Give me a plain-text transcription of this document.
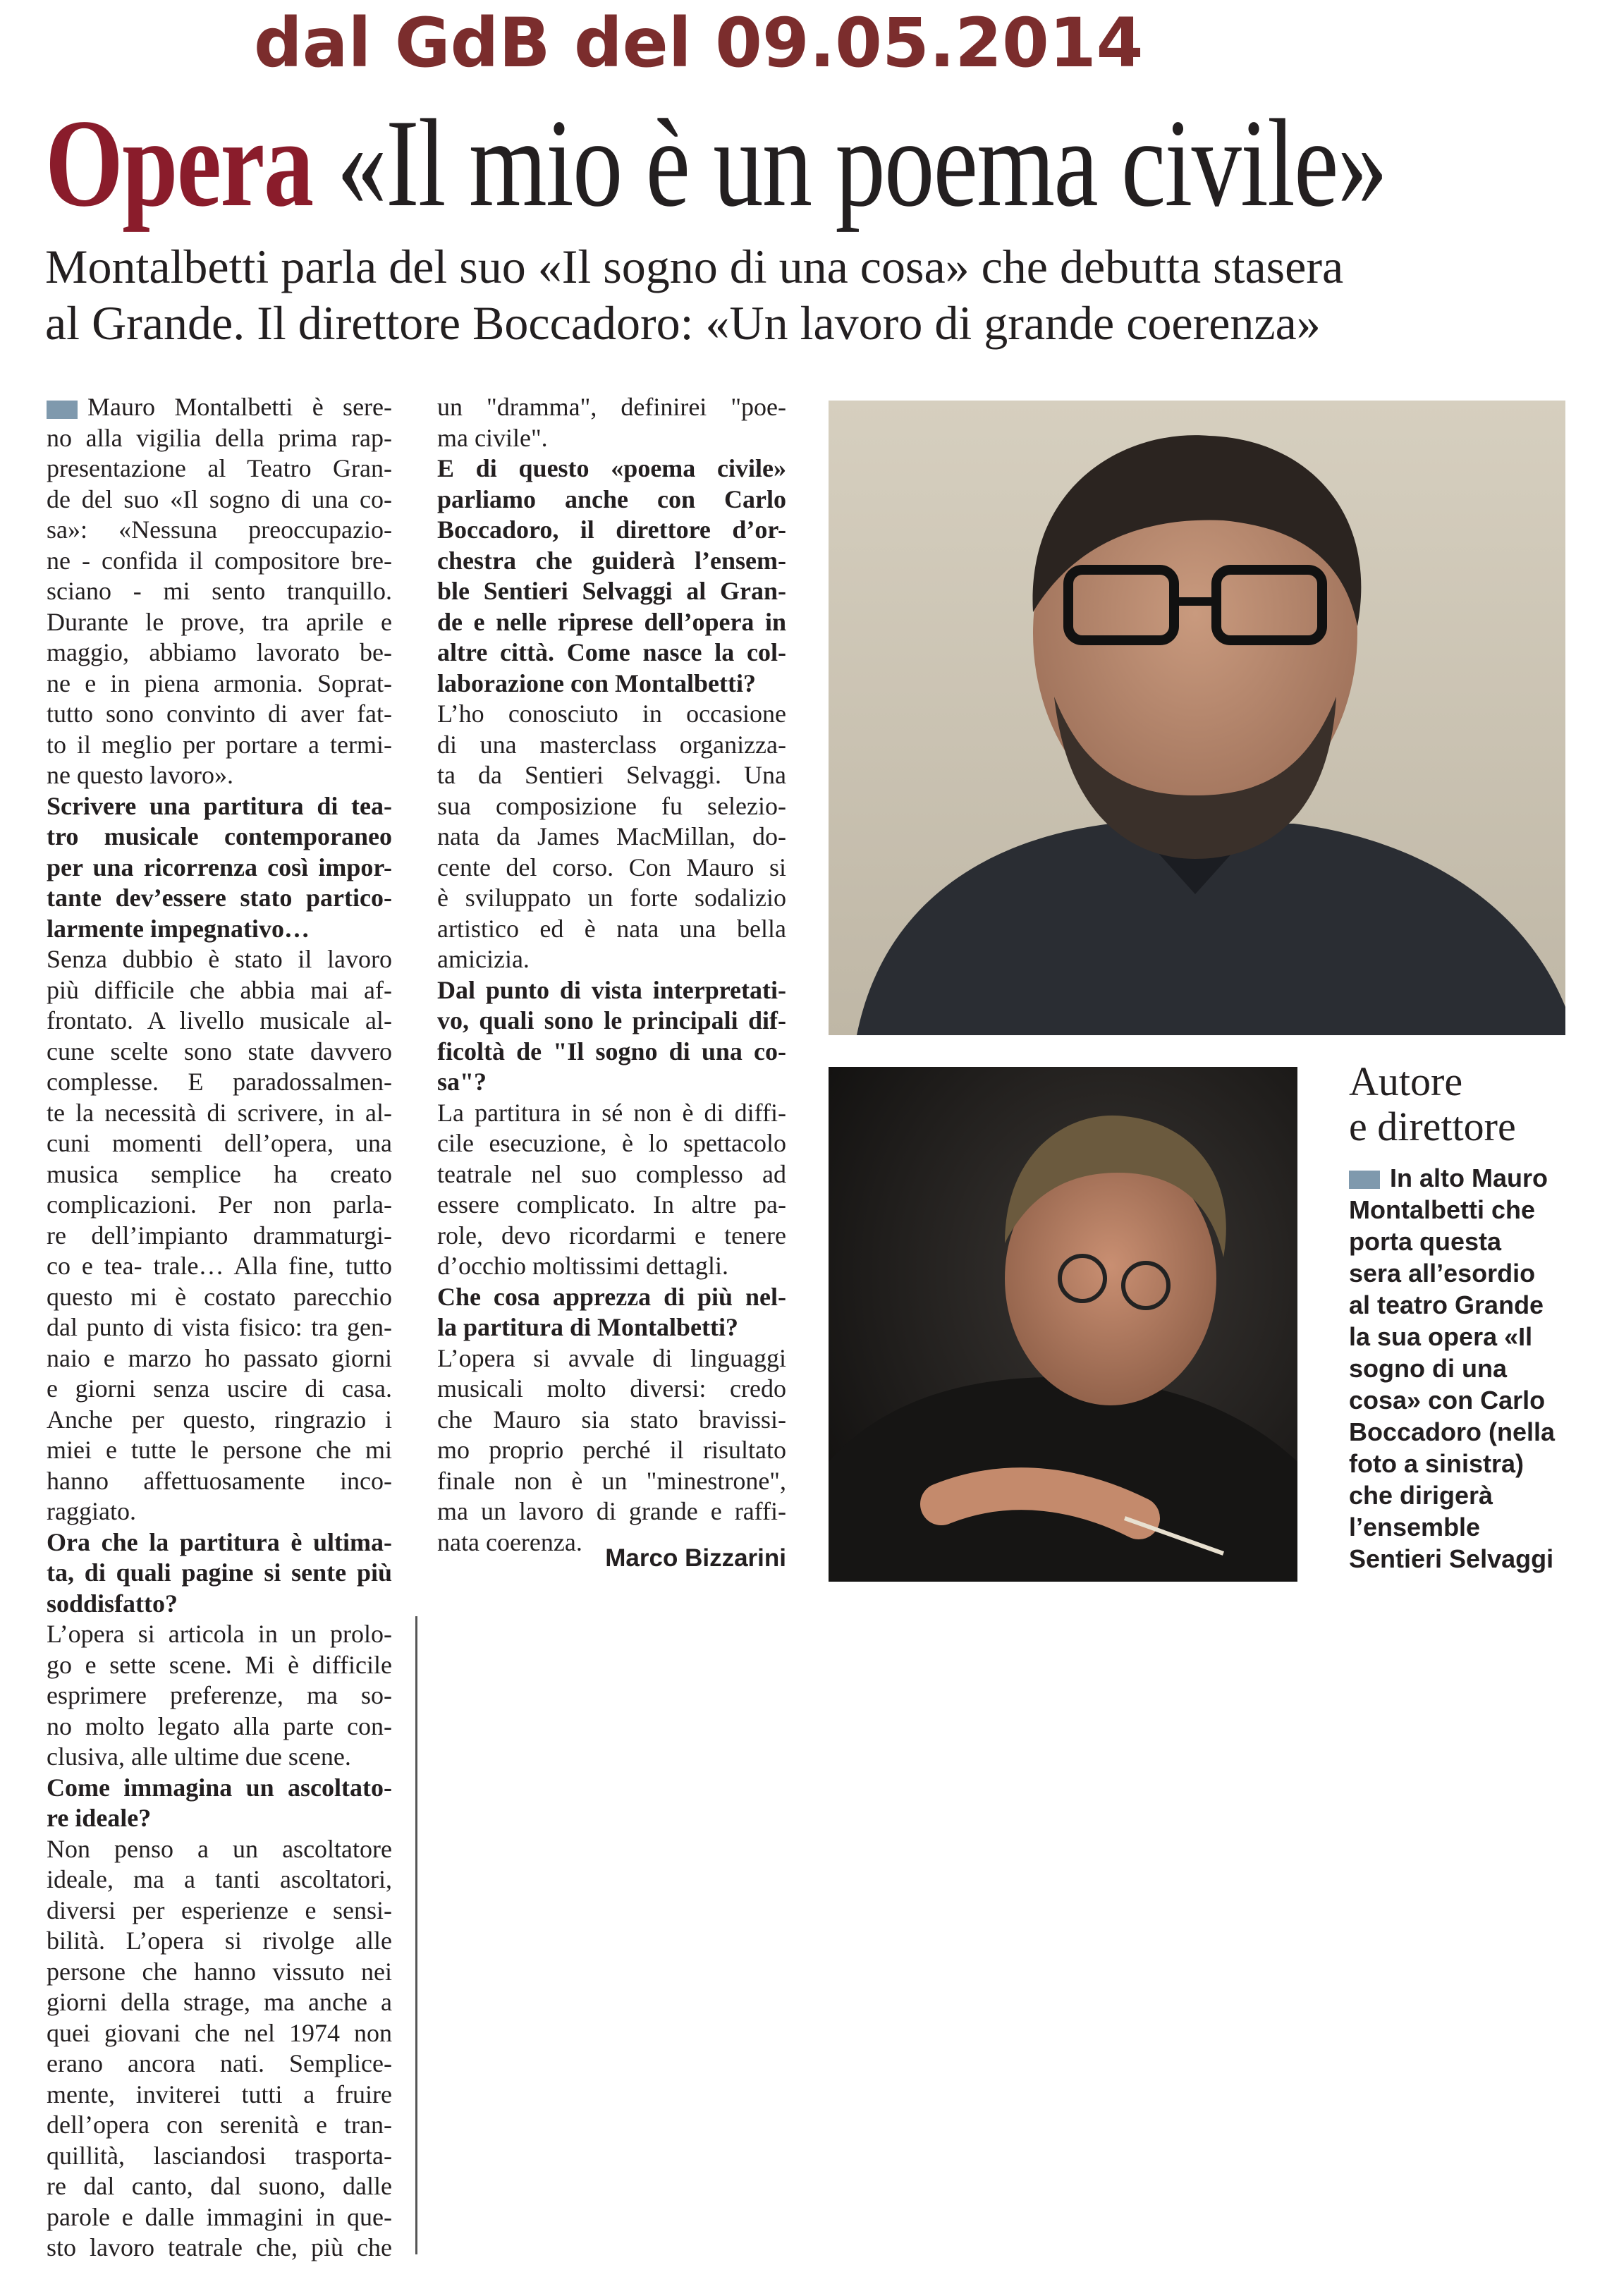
dal GdB del 09.05.2014
Opera «Il mio è un poema civile»
Montalbetti parla del suo «Il sogno di una cosa» che debutta stasera
al Grande. Il direttore Boccadoro: «Un lavoro di grande coerenza»
Mauro Montalbetti è sere-
no alla vigilia della prima rap-
presentazione al Teatro Gran-
de del suo «Il sogno di una co-
sa»: «Nessuna preoccupazio-
ne - confida il compositore bre-
sciano - mi sento tranquillo.
Durante le prove, tra aprile e
maggio, abbiamo lavorato be-
ne e in piena armonia. Soprat-
tutto sono convinto di aver fat-
to il meglio per portare a termi-
ne questo lavoro».
Scrivere una partitura di tea-
tro musicale contemporaneo
per una ricorrenza così impor-
tante dev’essere stato partico-
larmente impegnativo…
Senza dubbio è stato il lavoro
più difficile che abbia mai af-
frontato. A livello musicale al-
cune scelte sono state davvero
complesse. E paradossalmen-
te la necessità di scrivere, in al-
cuni momenti dell’opera, una
musica semplice ha creato
complicazioni. Per non parla-
re dell’impianto drammaturgi-
co e tea- trale… Alla fine, tutto
questo mi è costato parecchio
dal punto di vista fisico: tra gen-
naio e marzo ho passato giorni
e giorni senza uscire di casa.
Anche per questo, ringrazio i
miei e tutte le persone che mi
hanno affettuosamente inco-
raggiato.
Ora che la partitura è ultima-
ta, di quali pagine si sente più
soddisfatto?
L’opera si articola in un prolo-
go e sette scene. Mi è difficile
esprimere preferenze, ma so-
no molto legato alla parte con-
clusiva, alle ultime due scene.
Come immagina un ascoltato-
re ideale?
Non penso a un ascoltatore
ideale, ma a tanti ascoltatori,
diversi per esperienze e sensi-
bilità. L’opera si rivolge alle
persone che hanno vissuto nei
giorni della strage, ma anche a
quei giovani che nel 1974 non
erano ancora nati. Semplice-
mente, inviterei tutti a fruire
dell’opera con serenità e tran-
quillità, lasciandosi trasporta-
re dal canto, dal suono, dalle
parole e dalle immagini in que-
sto lavoro teatrale che, più che
un "dramma", definirei "poe-
ma civile".
E di questo «poema civile»
parliamo anche con Carlo
Boccadoro, il direttore d’or-
chestra che guiderà l’ensem-
ble Sentieri Selvaggi al Gran-
de e nelle riprese dell’opera in
altre città. Come nasce la col-
laborazione con Montalbetti?
L’ho conosciuto in occasione
di una masterclass organizza-
ta da Sentieri Selvaggi. Una
sua composizione fu seleziо-
nata da James MacMillan, do-
cente del corso. Con Mauro si
è sviluppato un forte sodalizio
artistico ed è nata una bella
amicizia.
Dal punto di vista interpretati-
vo, quali sono le principali dif-
ficoltà de "Il sogno di una co-
sa"?
La partitura in sé non è di diffi-
cile esecuzione, è lo spettacolo
teatrale nel suo complesso ad
essere complicato. In altre pa-
role, devo ricordarmi e tenere
d’occhio moltissimi dettagli.
Che cosa apprezza di più nel-
la partitura di Montalbetti?
L’opera si avvale di linguaggi
musicali molto diversi: credo
che Mauro sia stato bravissi-
mo proprio perché il risultato
finale non è un "minestrone",
ma un lavoro di grande e raffi-
nata coerenza.
Marco Bizzarini
Autore
e direttore
In alto Mauro
Montalbetti che
porta questa
sera all’esordio
al teatro Grande
la sua opera «Il
sogno di una
cosa» con Carlo
Boccadoro (nella
foto a sinistra)
che dirigerà
l’ensemble
Sentieri Selvaggi
